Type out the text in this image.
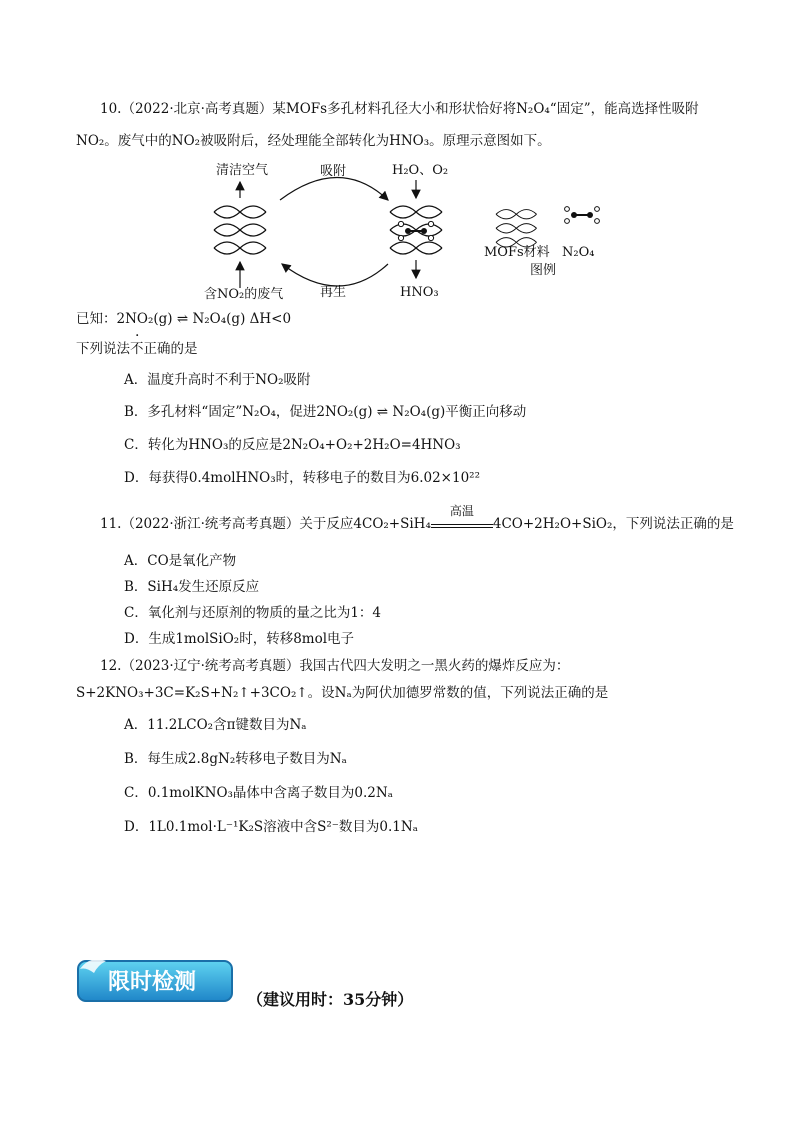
10.（2022·北京·高考真题）某MOFs多孔材料孔径大小和形状恰好将N₂O₄“固定”，能高选择性吸附
NO₂。废气中的NO₂被吸附后，经处理能全部转化为HNO₃。原理示意图如下。
清洁空气
含NO₂的废气
吸附
再生
H₂O、O₂
HNO₃
MOFs材料 N₂O₄
图例
已知：2NO₂(g) ⇌ N₂O₄(g) ΔH<0
下列说法不正确的是
A．温度升高时不利于NO₂吸附
B．多孔材料“固定”N₂O₄，促进2NO₂(g) ⇌ N₂O₄(g)平衡正向移动
C．转化为HNO₃的反应是2N₂O₄+O₂+2H₂O=4HNO₃
D．每获得0.4molHNO₃时，转移电子的数目为6.02×10²²
11.（2022·浙江·统考高考真题）关于反应4CO₂+SiH₄
高温
4CO+2H₂O+SiO₂，下列说法正确的是
A．CO是氧化产物
B．SiH₄发生还原反应
C．氧化剂与还原剂的物质的量之比为1：4
D．生成1molSiO₂时，转移8mol电子
12.（2023·辽宁·统考高考真题）我国古代四大发明之一黑火药的爆炸反应为：
S+2KNO₃+3C=K₂S+N₂↑+3CO₂↑。设Nₐ为阿伏加德罗常数的值，下列说法正确的是
A．11.2LCO₂含π键数目为Nₐ
B．每生成2.8gN₂转移电子数目为Nₐ
C．0.1molKNO₃晶体中含离子数目为0.2Nₐ
D．1L0.1mol·L⁻¹K₂S溶液中含S²⁻数目为0.1Nₐ
限时检测
（建议用时：35分钟）
